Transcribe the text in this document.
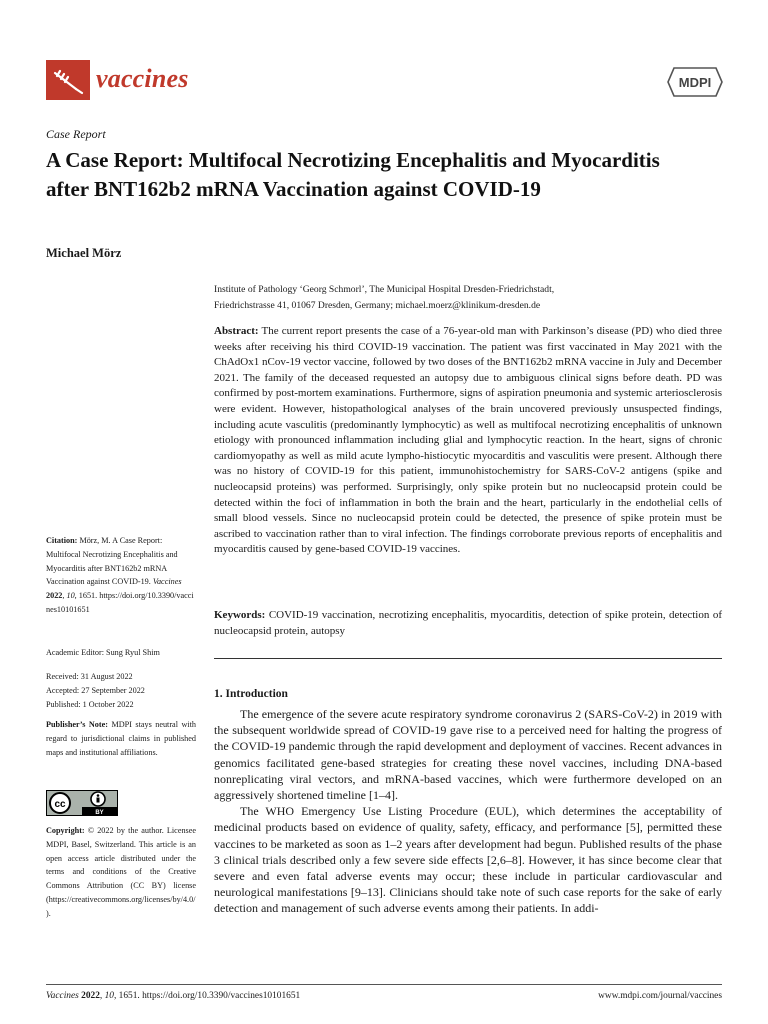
vaccines	MDPI
Case Report
A Case Report: Multifocal Necrotizing Encephalitis and Myocarditis after BNT162b2 mRNA Vaccination against COVID-19
Michael Mörz
Institute of Pathology ‘Georg Schmorl’, The Municipal Hospital Dresden-Friedrichstadt,
Friedrichstrasse 41, 01067 Dresden, Germany; michael.moerz@klinikum-dresden.de
Abstract: The current report presents the case of a 76-year-old man with Parkinson’s disease (PD) who died three weeks after receiving his third COVID-19 vaccination. The patient was first vaccinated in May 2021 with the ChAdOx1 nCov-19 vector vaccine, followed by two doses of the BNT162b2 mRNA vaccine in July and December 2021. The family of the deceased requested an autopsy due to ambiguous clinical signs before death. PD was confirmed by post-mortem examinations. Furthermore, signs of aspiration pneumonia and systemic arteriosclerosis were evident. However, histopathological analyses of the brain uncovered previously unsuspected findings, including acute vasculitis (predominantly lymphocytic) as well as multifocal necrotizing encephalitis of unknown etiology with pronounced inflammation including glial and lymphocytic reaction. In the heart, signs of chronic cardiomyopathy as well as mild acute lympho-histiocytic myocarditis and vasculitis were present. Although there was no history of COVID-19 for this patient, immunohistochemistry for SARS-CoV-2 antigens (spike and nucleocapsid proteins) was performed. Surprisingly, only spike protein but no nucleocapsid protein could be detected within the foci of inflammation in both the brain and the heart, particularly in the endothelial cells of small blood vessels. Since no nucleocapsid protein could be detected, the presence of spike protein must be ascribed to vaccination rather than to viral infection. The findings corroborate previous reports of encephalitis and myocarditis caused by gene-based COVID-19 vaccines.
Keywords: COVID-19 vaccination, necrotizing encephalitis, myocarditis, detection of spike protein, detection of nucleocapsid protein, autopsy
1. Introduction

The emergence of the severe acute respiratory syndrome coronavirus 2 (SARS-CoV-2) in 2019 with the subsequent worldwide spread of COVID-19 gave rise to a perceived need for halting the progress of the COVID-19 pandemic through the rapid development and deployment of vaccines. Recent advances in genomics facilitated gene-based strategies for creating these novel vaccines, including DNA-based nonreplicating viral vectors, and mRNA-based vaccines, which were furthermore developed on an aggressively shortened timeline [1–4].

The WHO Emergency Use Listing Procedure (EUL), which determines the acceptability of medicinal products based on evidence of quality, safety, efficacy, and performance [5], permitted these vaccines to be marketed as soon as 1–2 years after development had begun. Published results of the phase 3 clinical trials described only a few severe side effects [2,6–8]. However, it has since become clear that severe and even fatal adverse events may occur; these include in particular cardiovascular and neurological manifestations [9–13]. Clinicians should take note of such case reports for the sake of early detection and management of such adverse events among their patients. In addi-

Citation: Mörz, M. A Case Report: Multifocal Necrotizing Encephalitis and Myocarditis after BNT162b2 mRNA Vaccination against COVID-19. Vaccines 2022, 10, 1651. https://doi.org/10.3390/vaccines10101651
Academic Editor: Sung Ryul Shim
Received: 31 August 2022
Accepted: 27 September 2022
Published: 1 October 2022
Publisher’s Note: MDPI stays neutral with regard to jurisdictional claims in published maps and institutional affiliations.
cc
BY
Copyright: © 2022 by the author. Licensee MDPI, Basel, Switzerland. This article is an open access article distributed under the terms and conditions of the Creative Commons Attribution (CC BY) license (https://creativecommons.org/licenses/by/4.0/).
Vaccines 2022, 10, 1651. https://doi.org/10.3390/vaccines10101651	www.mdpi.com/journal/vaccines
